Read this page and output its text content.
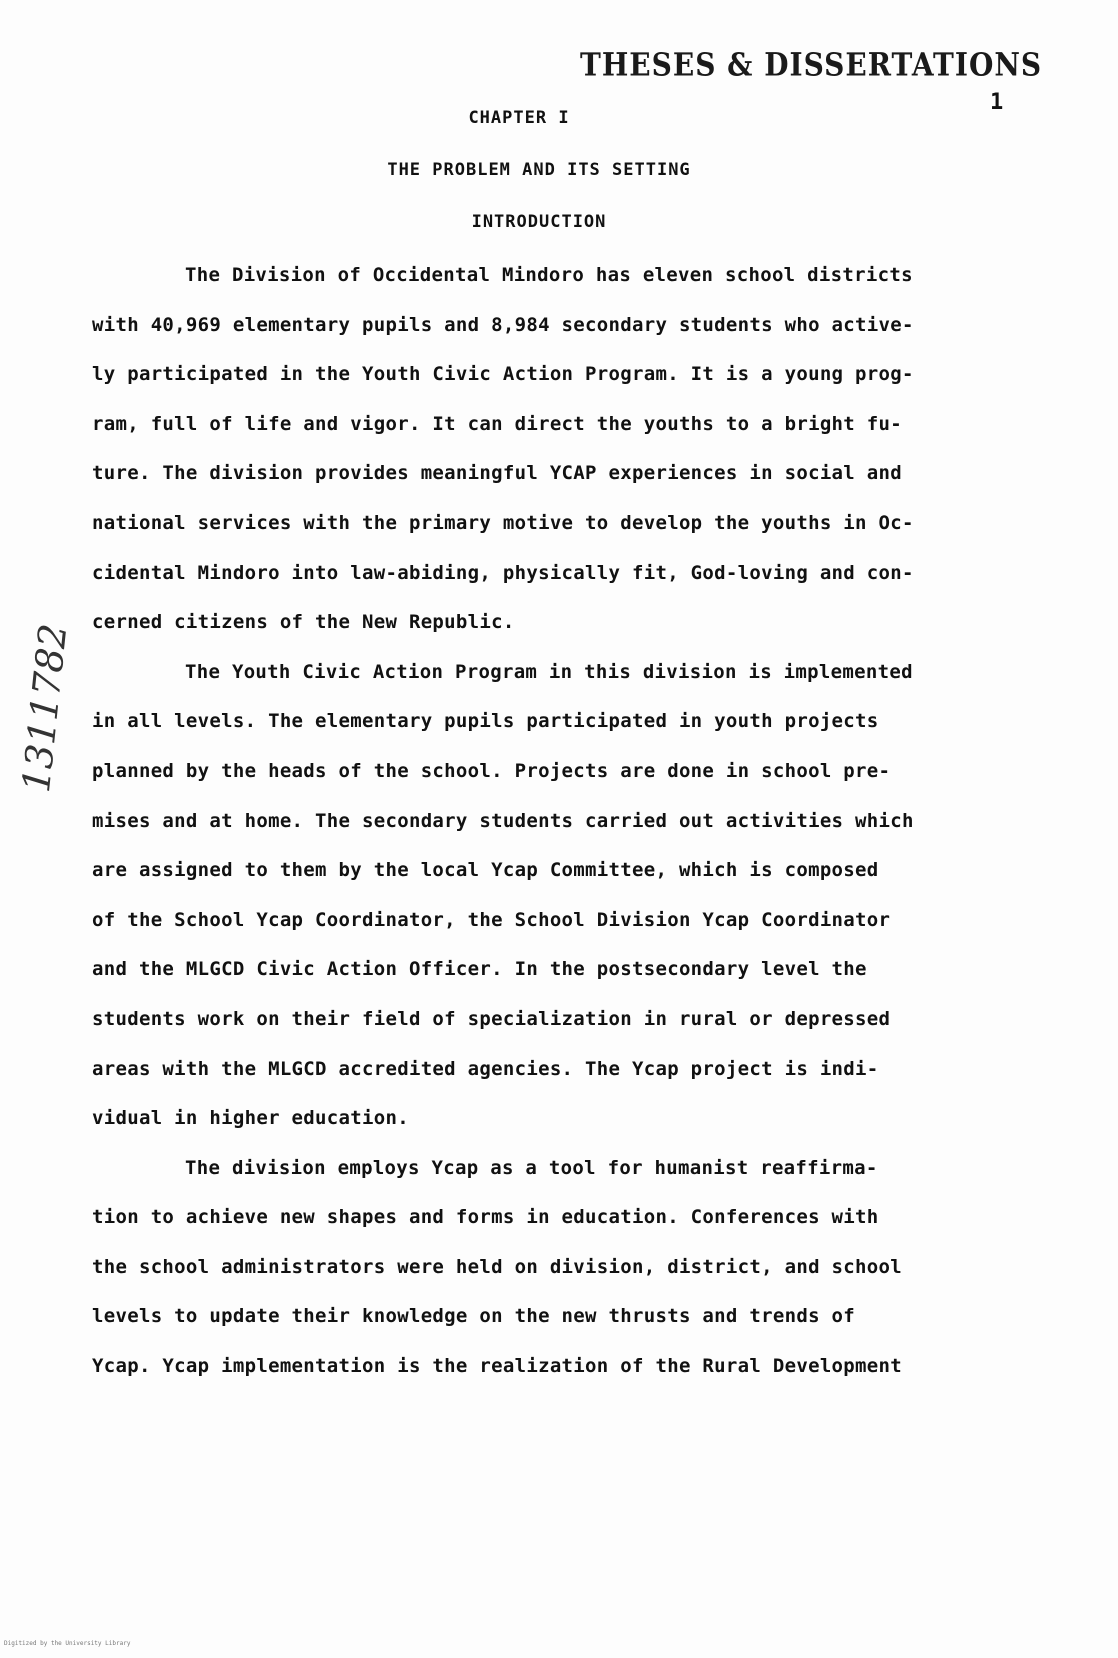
THESES & DISSERTATIONS
1
CHAPTER I
THE PROBLEM AND ITS SETTING
INTRODUCTION
1311782
The Division of Occidental Mindoro has eleven school districts
with 40,969 elementary pupils and 8,984 secondary students who active-
ly participated in the Youth Civic Action Program. It is a young prog-
ram, full of life and vigor. It can direct the youths to a bright fu-
ture. The division provides meaningful YCAP experiences in social and
national services with the primary motive to develop the youths in Oc-
cidental Mindoro into law-abiding, physically fit, God-loving and con-
cerned citizens of the New Republic.
The Youth Civic Action Program in this division is implemented
in all levels. The elementary pupils participated in youth projects
planned by the heads of the school. Projects are done in school pre-
mises and at home. The secondary students carried out activities which
are assigned to them by the local Ycap Committee, which is composed
of the School Ycap Coordinator, the School Division Ycap Coordinator
and the MLGCD Civic Action Officer. In the postsecondary level the
students work on their field of specialization in rural or depressed
areas with the MLGCD accredited agencies. The Ycap project is indi-
vidual in higher education.
The division employs Ycap as a tool for humanist reaffirma-
tion to achieve new shapes and forms in education. Conferences with
the school administrators were held on division, district, and school
levels to update their knowledge on the new thrusts and trends of
Ycap. Ycap implementation is the realization of the Rural Development
Digitized by the University Library
